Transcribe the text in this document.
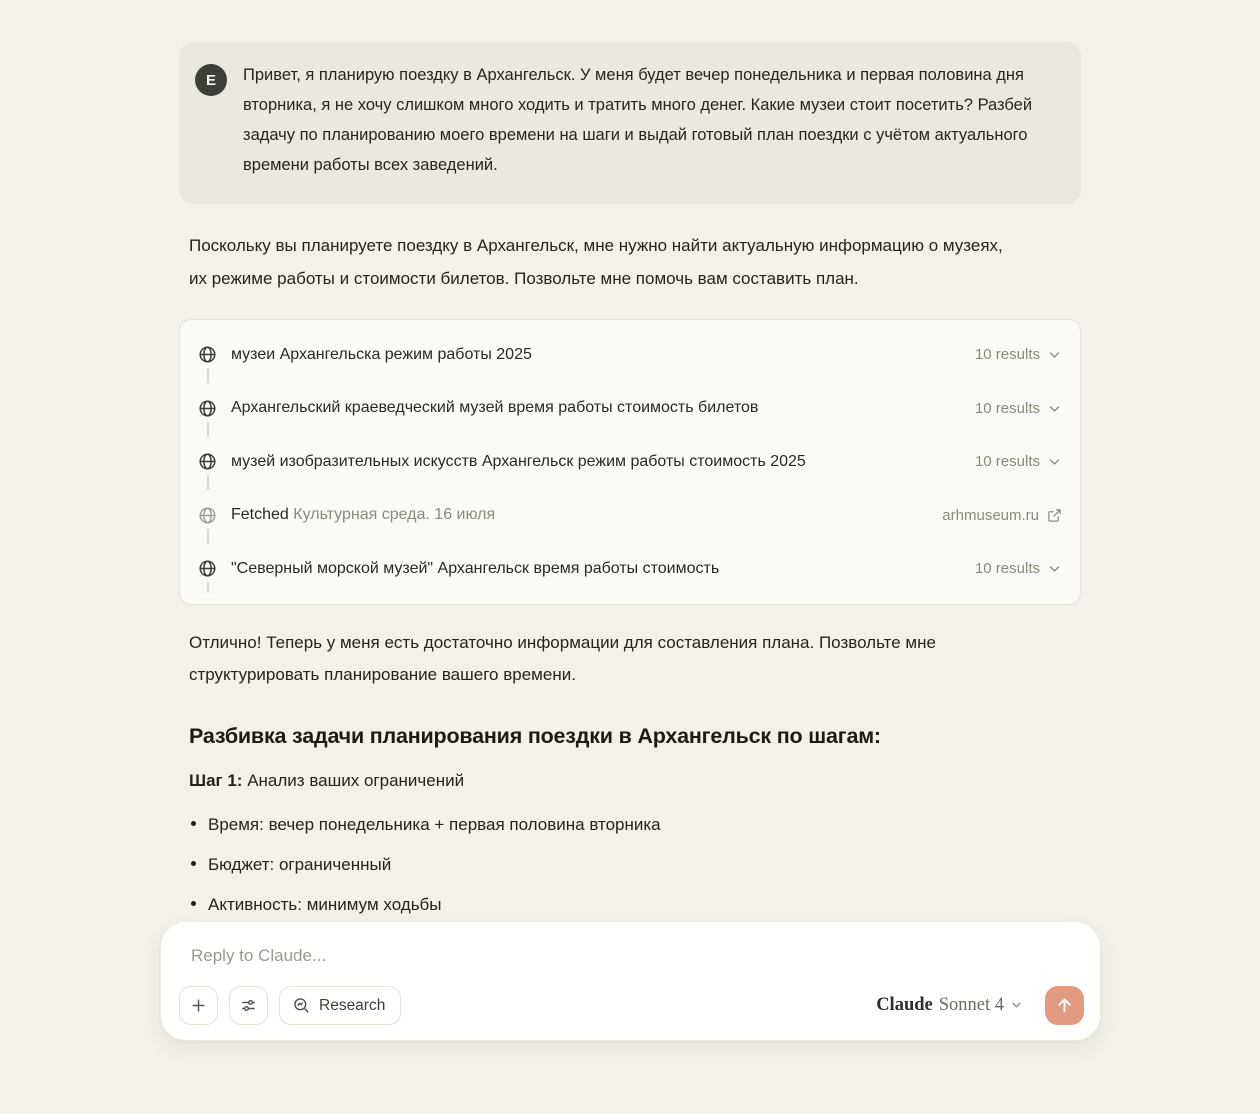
E	Привет, я планирую поездку в Архангельск. У меня будет вечер понедельника и первая половина дня вторника, я не хочу слишком много ходить и тратить много денег. Какие музеи стоит посетить? Разбей задачу по планированию моего времени на шаги и выдай готовый план поездки с учётом актуального времени работы всех заведений.

Поскольку вы планируете поездку в Архангельск, мне нужно найти актуальную информацию о музеях, их режиме работы и стоимости билетов. Позвольте мне помочь вам составить план.

музеи Архангельска режим работы 2025	10 results
Архангельский краеведческий музей время работы стоимость билетов	10 results
музей изобразительных искусств Архангельск режим работы стоимость 2025	10 results
Fetched Культурная среда. 16 июля	arhmuseum.ru
"Северный морской музей" Архангельск время работы стоимость	10 results

Отлично! Теперь у меня есть достаточно информации для составления плана. Позвольте мне структурировать планирование вашего времени.

Разбивка задачи планирования поездки в Архангельск по шагам:

Шаг 1: Анализ ваших ограничений

Время: вечер понедельника + первая половина вторника
Бюджет: ограниченный
Активность: минимум ходьбы
Reply to Claude...
Research	Claude Sonnet 4
